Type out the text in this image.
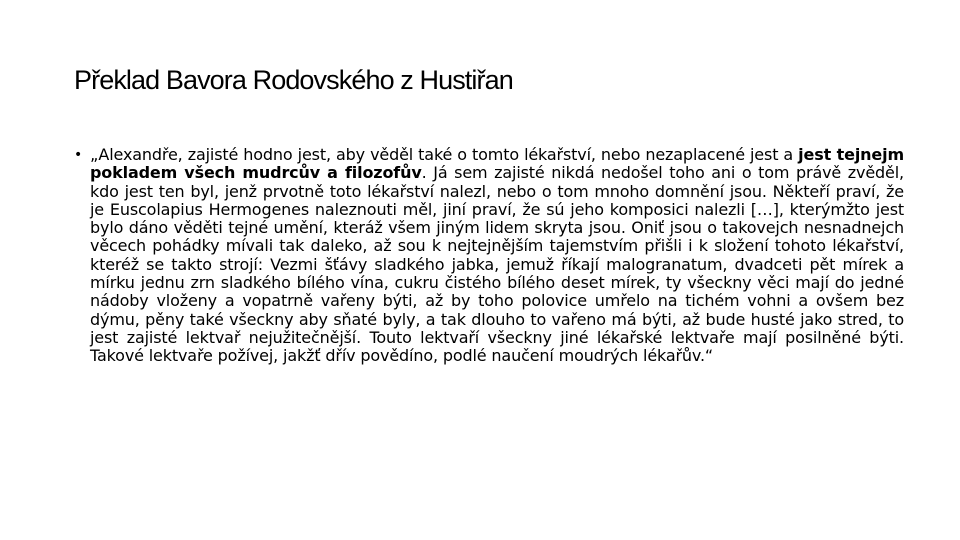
Překlad Bavora Rodovského z Hustiřan
• „Alexandře, zajisté hodno jest, aby věděl také o tomto lékařství, nebo nezaplacené jest a jest tejnejm pokladem všech mudrcův a filozofův. Já sem zajisté nikdá nedošel toho ani o tom právě zvěděl, kdo jest ten byl, jenž prvotně toto lékařství nalezl, nebo o tom mnoho domnění jsou. Někteří praví, že je Euscolapius Hermogenes naleznouti měl, jiní praví, že sú jeho komposici nalezli […], kterýmžto jest bylo dáno věděti tejné umění, kteráž všem jiným lidem skryta jsou. Oniť jsou o takovejch nesnadnejch věcech pohádky mívali tak daleko, až sou k nejtejnějším tajemstvím přišli i k složení tohoto lékařství, kteréž se takto strojí: Vezmi šťávy sladkého jabka, jemuž říkají malogranatum, dvadceti pět mírek a mírku jednu zrn sladkého bílého vína, cukru čistého bílého deset mírek, ty všeckny věci mají do jedné nádoby vloženy a vopatrně vařeny býti, až by toho polovice umřelo na tichém vohni a ovšem bez dýmu, pěny také všeckny aby sňaté byly, a tak dlouho to vařeno má býti, až bude husté jako stred, to jest zajisté lektvař nejužitečnější. Touto lektvaří všeckny jiné lékařské lektvaře mají posilněné býti. Takové lektvaře požívej, jakžť dřív povědíno, podlé naučení moudrých lékařův.“
